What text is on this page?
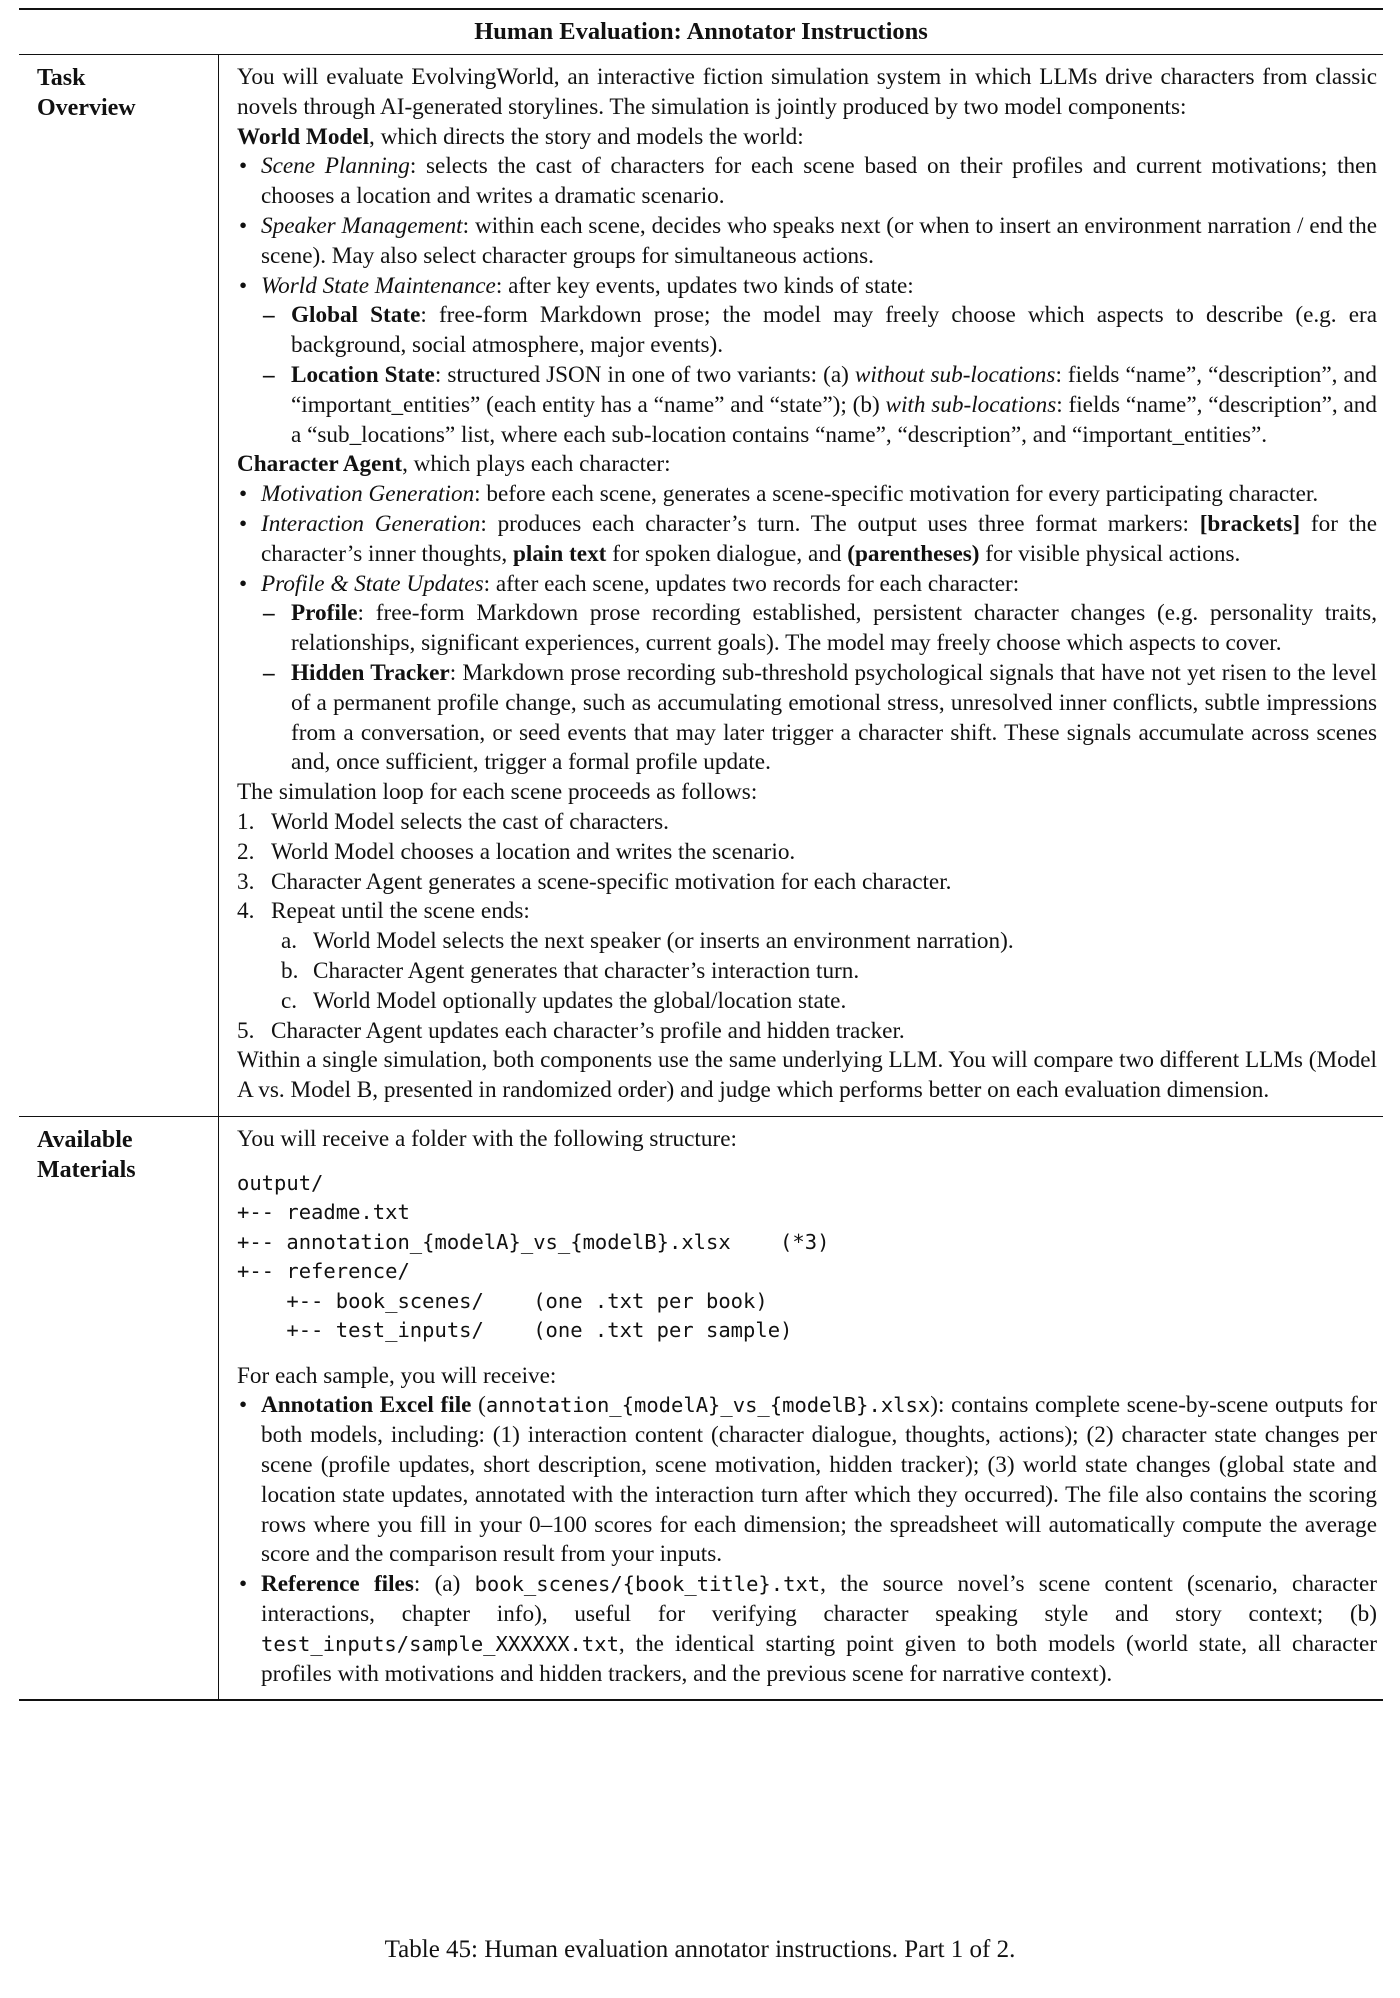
Human Evaluation: Annotator Instructions
Task
Overview

You will evaluate EvolvingWorld, an interactive fiction simulation system in which LLMs drive characters from classic novels through AI-generated storylines. The simulation is jointly produced by two model components:

World Model, which directs the story and models the world:

• Scene Planning: selects the cast of characters for each scene based on their profiles and current motivations; then chooses a location and writes a dramatic scenario.
• Speaker Management: within each scene, decides who speaks next (or when to insert an environment narration / end the scene). May also select character groups for simultaneous actions.
• World State Maintenance: after key events, updates two kinds of state:
– Global State: free-form Markdown prose; the model may freely choose which aspects to describe (e.g. era background, social atmosphere, major events).
– Location State: structured JSON in one of two variants: (a) without sub-locations: fields “name”, “description”, and “important_entities” (each entity has a “name” and “state”); (b) with sub-locations: fields “name”, “description”, and a “sub_locations” list, where each sub-location contains “name”, “description”, and “important_entities”.

Character Agent, which plays each character:

• Motivation Generation: before each scene, generates a scene-specific motivation for every participating character.
• Interaction Generation: produces each character’s turn. The output uses three format markers: [brackets] for the character’s inner thoughts, plain text for spoken dialogue, and (parentheses) for visible physical actions.
• Profile & State Updates: after each scene, updates two records for each character:
– Profile: free-form Markdown prose recording established, persistent character changes (e.g. personality traits, relationships, significant experiences, current goals). The model may freely choose which aspects to cover.
– Hidden Tracker: Markdown prose recording sub-threshold psychological signals that have not yet risen to the level of a permanent profile change, such as accumulating emotional stress, unresolved inner conflicts, subtle impressions from a conversation, or seed events that may later trigger a character shift. These signals accumulate across scenes and, once sufficient, trigger a formal profile update.

The simulation loop for each scene proceeds as follows:

1. World Model selects the cast of characters.
2. World Model chooses a location and writes the scenario.
3. Character Agent generates a scene-specific motivation for each character.
4. Repeat until the scene ends:
a. World Model selects the next speaker (or inserts an environment narration).
b. Character Agent generates that character’s interaction turn.
c. World Model optionally updates the global/location state.
5. Character Agent updates each character’s profile and hidden tracker.

Within a single simulation, both components use the same underlying LLM. You will compare two different LLMs (Model A vs. Model B, presented in randomized order) and judge which performs better on each evaluation dimension.

Available
Materials

You will receive a folder with the following structure:

output/
+-- readme.txt
+-- annotation_{modelA}_vs_{modelB}.xlsx    (*3)
+-- reference/
+-- book_scenes/    (one .txt per book)
+-- test_inputs/    (one .txt per sample)

For each sample, you will receive:

• Annotation Excel file (annotation_{modelA}_vs_{modelB}.xlsx): contains complete scene-by-scene outputs for both models, including: (1) interaction content (character dialogue, thoughts, actions); (2) character state changes per scene (profile updates, short description, scene motivation, hidden tracker); (3) world state changes (global state and location state updates, annotated with the interaction turn after which they occurred). The file also contains the scoring rows where you fill in your 0–100 scores for each dimension; the spreadsheet will automatically compute the average score and the comparison result from your inputs.
• Reference files: (a) book_scenes/{book_title}.txt, the source novel’s scene content (scenario, character interactions, chapter info), useful for verifying character speaking style and story context; (b) test_inputs/sample_XXXXXX.txt, the identical starting point given to both models (world state, all character profiles with motivations and hidden trackers, and the previous scene for narrative context).
Table 45: Human evaluation annotator instructions. Part 1 of 2.
